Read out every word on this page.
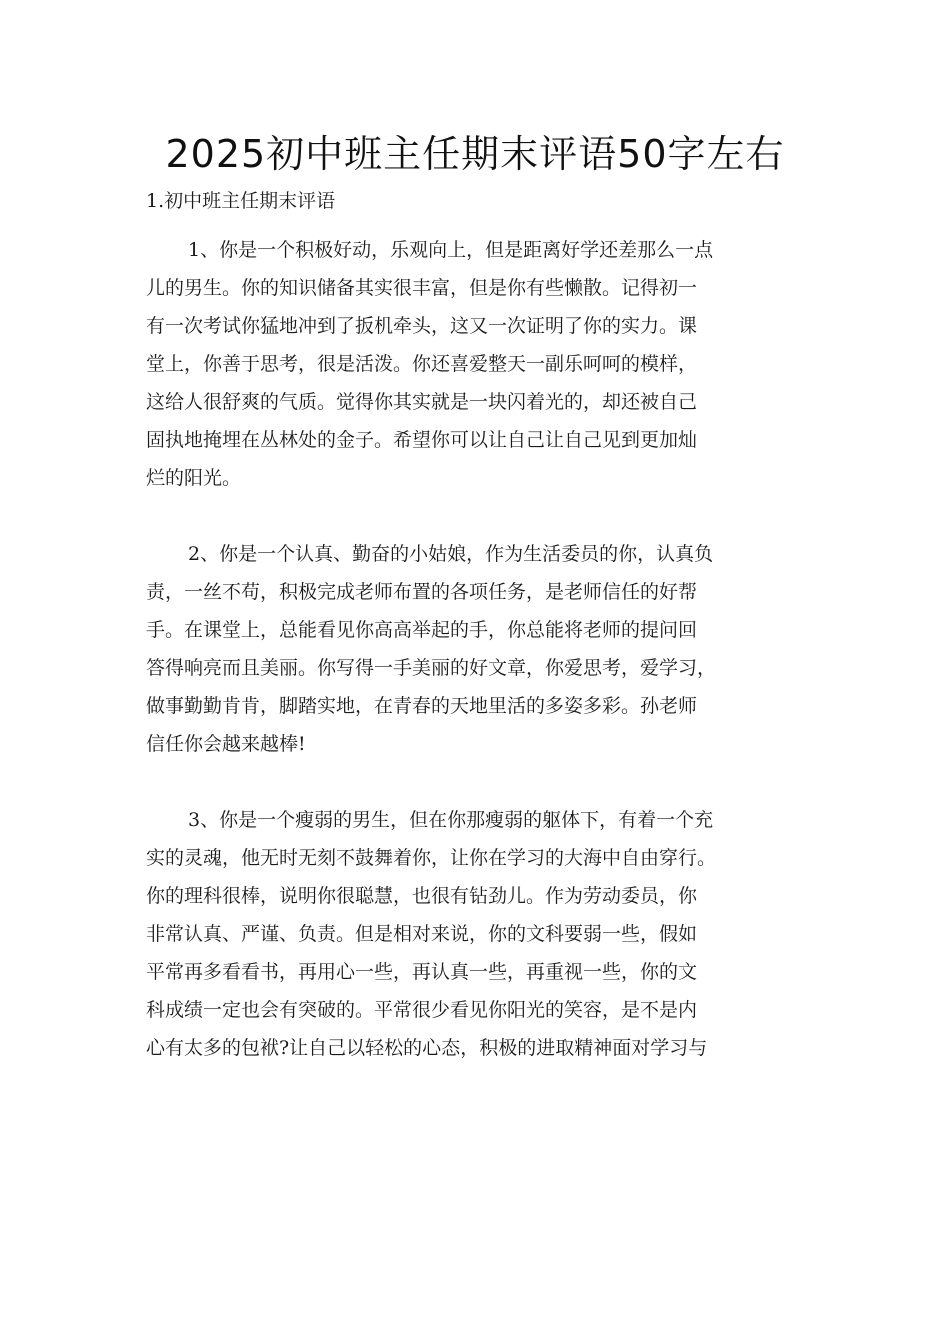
2025初中班主任期末评语50字左右
1.初中班主任期末评语

1、你是一个积极好动，乐观向上，但是距离好学还差那么一点
儿的男生。你的知识储备其实很丰富，但是你有些懒散。记得初一
有一次考试你猛地冲到了扳机牵头，这又一次证明了你的实力。课
堂上，你善于思考，很是活泼。你还喜爱整天一副乐呵呵的模样，
这给人很舒爽的气质。觉得你其实就是一块闪着光的，却还被自己
固执地掩埋在丛林处的金子。希望你可以让自己让自己见到更加灿
烂的阳光。

2、你是一个认真、勤奋的小姑娘，作为生活委员的你，认真负
责，一丝不苟，积极完成老师布置的各项任务，是老师信任的好帮
手。在课堂上，总能看见你高高举起的手，你总能将老师的提问回
答得响亮而且美丽。你写得一手美丽的好文章，你爱思考，爱学习，
做事勤勤肯肯，脚踏实地，在青春的天地里活的多姿多彩。孙老师
信任你会越来越棒!

3、你是一个瘦弱的男生，但在你那瘦弱的躯体下，有着一个充
实的灵魂，他无时无刻不鼓舞着你，让你在学习的大海中自由穿行。
你的理科很棒，说明你很聪慧，也很有钻劲儿。作为劳动委员，你
非常认真、严谨、负责。但是相对来说，你的文科要弱一些，假如
平常再多看看书，再用心一些，再认真一些，再重视一些，你的文
科成绩一定也会有突破的。平常很少看见你阳光的笑容，是不是内
心有太多的包袱?让自己以轻松的心态，积极的进取精神面对学习与
